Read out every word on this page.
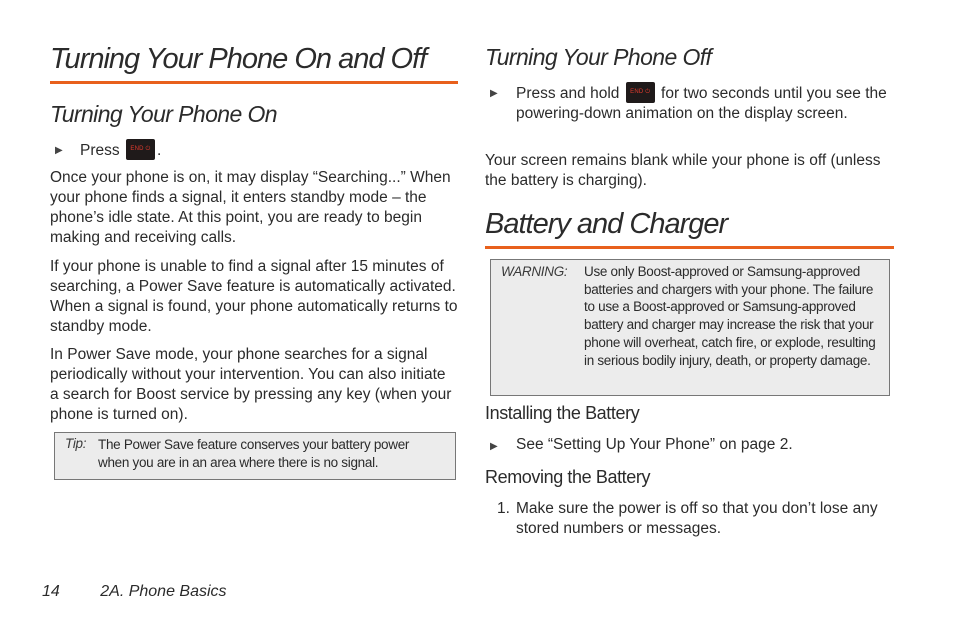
Turning Your Phone On and Off
Turning Your Phone On
▶	Press	END ⏻ .

Once your phone is on, it may display “Searching...” When your phone finds a signal, it enters standby mode – the phone’s idle state. At this point, you are ready to begin making and receiving calls.

If your phone is unable to find a signal after 15 minutes of searching, a Power Save feature is automatically activated. When a signal is found, your phone automatically returns to standby mode.

In Power Save mode, your phone searches for a signal periodically without your intervention. You can also initiate a search for Boost service by pressing any key (when your phone is turned on).

Tip: The Power Save feature conserves your battery power when you are in an area where there is no signal.
Turning Your Phone Off
▶	Press and hold	END ⏻ for two seconds until you see the powering-down animation on the display screen.

Your screen remains blank while your phone is off (unless the battery is charging).

Battery and Charger
WARNING: Use only Boost-approved or Samsung-approved batteries and chargers with your phone. The failure to use a Boost-approved or Samsung-approved battery and charger may increase the risk that your phone will overheat, catch fire, or explode, resulting in serious bodily injury, death, or property damage.
Installing the Battery
▶	See “Setting Up Your Phone” on page 2.
Removing the Battery
1. Make sure the power is off so that you don’t lose any stored numbers or messages.
14	2A. Phone Basics
